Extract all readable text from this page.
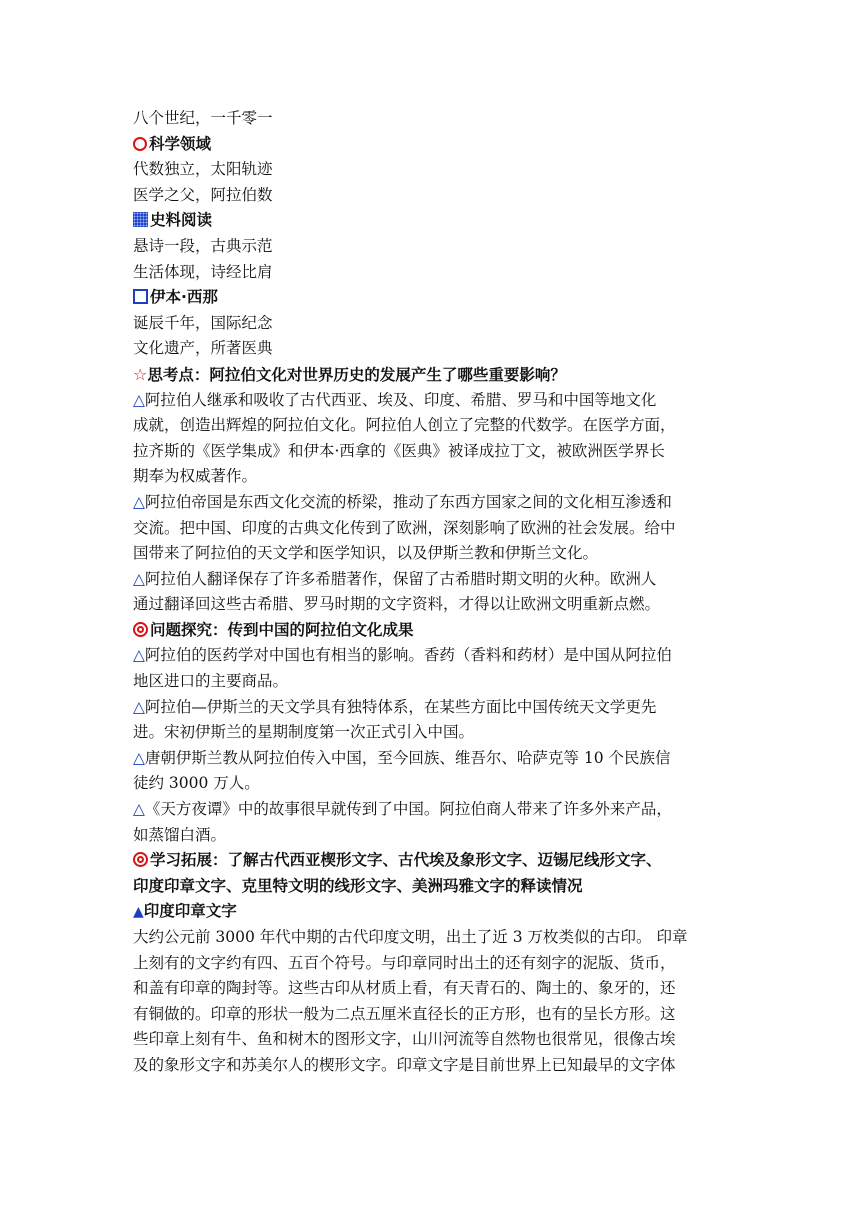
八个世纪，一千零一
科学领域
代数独立，太阳轨迹
医学之父，阿拉伯数
史料阅读
悬诗一段，古典示范
生活体现，诗经比肩
伊本·西那
诞辰千年，国际纪念
文化遗产，所著医典
☆思考点：阿拉伯文化对世界历史的发展产生了哪些重要影响？
△阿拉伯人继承和吸收了古代西亚、埃及、印度、希腊、罗马和中国等地文化
成就，创造出辉煌的阿拉伯文化。阿拉伯人创立了完整的代数学。在医学方面，
拉齐斯的《医学集成》和伊本·西拿的《医典》被译成拉丁文，被欧洲医学界长
期奉为权威著作。
△阿拉伯帝国是东西文化交流的桥梁，推动了东西方国家之间的文化相互渗透和
交流。把中国、印度的古典文化传到了欧洲，深刻影响了欧洲的社会发展。给中
国带来了阿拉伯的天文学和医学知识，以及伊斯兰教和伊斯兰文化。
△阿拉伯人翻译保存了许多希腊著作，保留了古希腊时期文明的火种。欧洲人
通过翻译回这些古希腊、罗马时期的文字资料，才得以让欧洲文明重新点燃。
问题探究：传到中国的阿拉伯文化成果
△阿拉伯的医药学对中国也有相当的影响。香药（香料和药材）是中国从阿拉伯
地区进口的主要商品。
△阿拉伯—伊斯兰的天文学具有独特体系，在某些方面比中国传统天文学更先
进。宋初伊斯兰的星期制度第一次正式引入中国。
△唐朝伊斯兰教从阿拉伯传入中国，至今回族、维吾尔、哈萨克等 10 个民族信
徒约 3000 万人。
△《天方夜谭》中的故事很早就传到了中国。阿拉伯商人带来了许多外来产品，
如蒸馏白酒。
学习拓展：了解古代西亚楔形文字、古代埃及象形文字、迈锡尼线形文字、
印度印章文字、克里特文明的线形文字、美洲玛雅文字的释读情况
▲印度印章文字
大约公元前 3000 年代中期的古代印度文明，出土了近 3 万枚类似的古印。 印章
上刻有的文字约有四、五百个符号。与印章同时出土的还有刻字的泥版、货币，
和盖有印章的陶封等。这些古印从材质上看，有天青石的、陶土的、象牙的，还
有铜做的。印章的形状一般为二点五厘米直径长的正方形，也有的呈长方形。这
些印章上刻有牛、鱼和树木的图形文字，山川河流等自然物也很常见，很像古埃
及的象形文字和苏美尔人的楔形文字。印章文字是目前世界上已知最早的文字体
